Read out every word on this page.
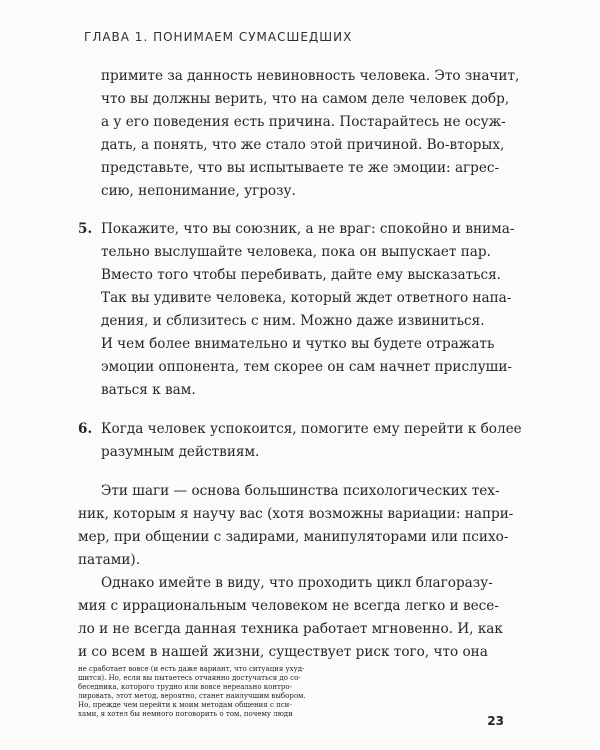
ГЛАВА 1. ПОНИМАЕМ СУМАСШЕДШИХ
примите за данность невиновность человека. Это значит,
что вы должны верить, что на самом деле человек добр,
а у его поведения есть причина. Постарайтесь не осуж-
дать, а понять, что же стало этой причиной. Во-вторых,
представьте, что вы испытываете те же эмоции: агрес-
сию, непонимание, угрозу.
5. Покажите, что вы союзник, а не враг: спокойно и внима-
тельно выслушайте человека, пока он выпускает пар.
Вместо того чтобы перебивать, дайте ему высказаться.
Так вы удивите человека, который ждет ответного напа-
дения, и сблизитесь с ним. Можно даже извиниться.
И чем более внимательно и чутко вы будете отражать
эмоции оппонента, тем скорее он сам начнет прислуши-
ваться к вам.
6. Когда человек успокоится, помогите ему перейти к более
разумным действиям.
Эти шаги — основа большинства психологических тех-
ник, которым я научу вас (хотя возможны вариации: напри-
мер, при общении с задирами, манипуляторами или психо-
патами).
Однако имейте в виду, что проходить цикл благоразу-
мия с иррациональным человеком не всегда легко и весе-
ло и не всегда данная техника работает мгновенно. И, как
и со всем в нашей жизни, существует риск того, что она
не сработает вовсе (и есть даже вариант, что ситуация ухуд-
шится). Но, если вы пытаетесь отчаянно достучаться до со-
беседника, которого трудно или вовсе нереально контро-
лировать, этот метод, вероятно, станет наилучшим выбором.
Но, прежде чем перейти к моим методам общения с пси-
хами, я хотел бы немного поговорить о том, почему люди	23
